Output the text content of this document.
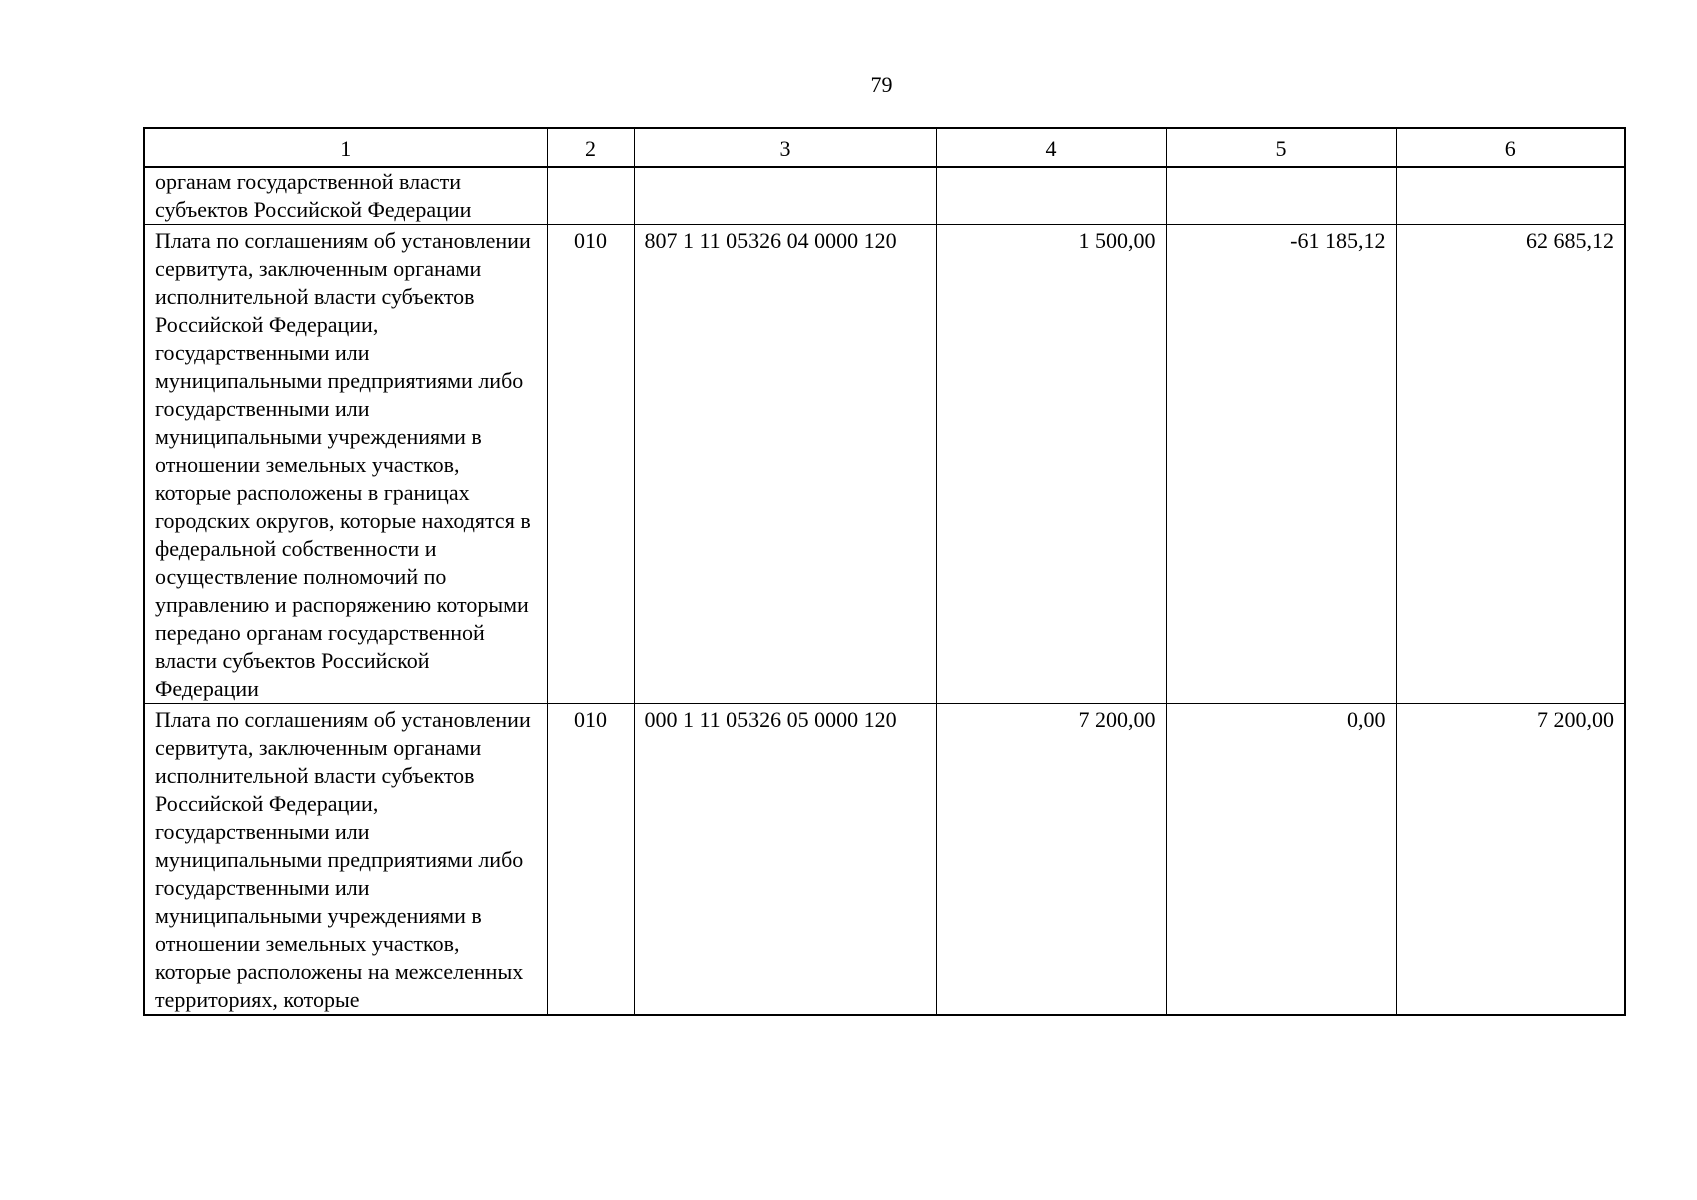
79
1	2	3	4	5	6
органам государственной власти субъектов Российской Федерации					
Плата по соглашениям об установлении сервитута, заключенным органами исполнительной власти субъектов Российской Федерации, государственными или муниципальными предприятиями либо государственными или муниципальными учреждениями в отношении земельных участков, которые расположены в границах городских округов, которые находятся в федеральной собственности и осуществление полномочий по управлению и распоряжению которыми передано органам государственной власти субъектов Российской Федерации	010	807 1 11 05326 04 0000 120	1 500,00	-61 185,12	62 685,12
Плата по соглашениям об установлении сервитута, заключенным органами исполнительной власти субъектов Российской Федерации, государственными или муниципальными предприятиями либо государственными или муниципальными учреждениями в отношении земельных участков, которые расположены на межселенных территориях, которые	010	000 1 11 05326 05 0000 120	7 200,00	0,00	7 200,00
